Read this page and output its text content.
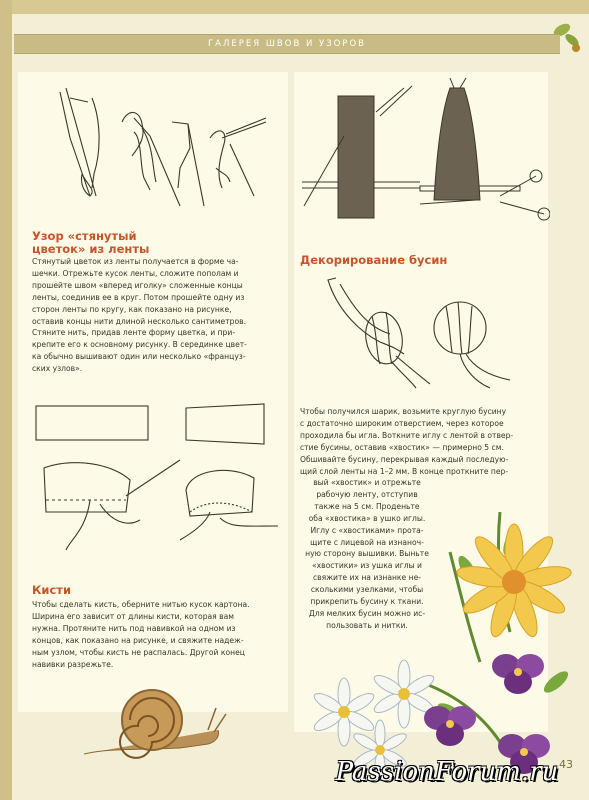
ГАЛЕРЕЯ ШВОВ И УЗОРОВ
Узор «стянутый
цветок» из ленты
Стянутый цветок из ленты получается в форме ча-
шечки. Отрежьте кусок ленты, сложите пополам и
прошейте швом «вперед иголку» сложенные концы
ленты, соединив ее в круг. Потом прошейте одну из
сторон ленты по кругу, как показано на рисунке,
оставив концы нити длиной несколько сантиметров.
Стяните нить, придав ленте форму цветка, и при-
крепите его к основному рисунку. В серединке цвет-
ка обычно вышивают один или несколько «француз-
ских узлов».
Кисти
Чтобы сделать кисть, оберните нитью кусок картона.
Ширина его зависит от длины кисти, которая вам
нужна. Протяните нить под навивкой на одном из
концов, как показано на рисунке, и свяжите надеж-
ным узлом, чтобы кисть не распалась. Другой конец
навивки разрежьте.
Декорирование бусин
Чтобы получился шарик, возьмите круглую бусину
с достаточно широким отверстием, через которое
проходила бы игла. Воткните иглу с лентой в отвер-
стие бусины, оставив «хвостик» — примерно 5 см.
Обшивайте бусину, перекрывая каждый последую-
щий слой ленты на 1–2 мм. В конце проткните пер-
вый «хвостик» и отрежьте
рабочую ленту, отступив
также на 5 см. Проденьте
оба «хвостика» в ушко иглы.
Иглу с «хвостиками» прота-
щите с лицевой на изнаноч-
ную сторону вышивки. Выньте
«хвостики» из ушка иглы и
свяжите их на изнанке не-
сколькими узелками, чтобы
прикрепить бусину к ткани.
Для мелких бусин можно ис-
пользовать и нитки.
43
PassionForum.ru
